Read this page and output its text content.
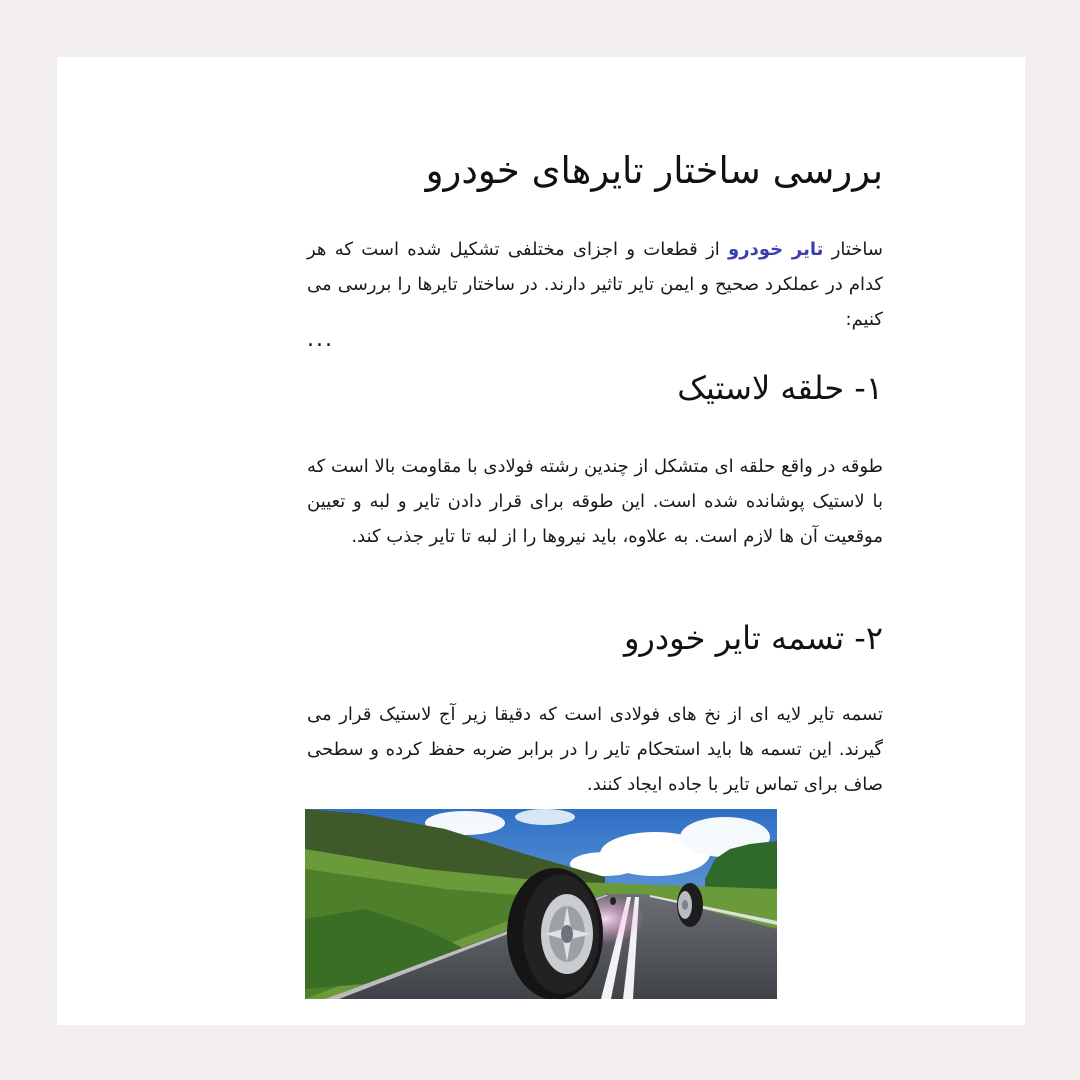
بررسی ساختار تایرهای خودرو

ساختار تایر خودرو از قطعات و اجزای مختلفی تشکیل شده است که هر کدام در عملکرد صحیح و ایمن تایر تاثیر دارند. در ساختار تایرها را بررسی می کنیم:

...
۱- حلقه لاستیک

طوقه در واقع حلقه ای متشکل از چندین رشته فولادی با مقاومت بالا است که با لاستیک پوشانده شده است. این طوقه برای قرار دادن تایر و لبه و تعیین موقعیت آن ها لازم است. به علاوه، باید نیروها را از لبه تا تایر جذب کند.

۲- تسمه تایر خودرو

تسمه تایر لایه ای از نخ های فولادی است که دقیقا زیر آج لاستیک قرار می گیرند. این تسمه ها باید استحکام تایر را در برابر ضربه حفظ کرده و سطحی صاف برای تماس تایر با جاده ایجاد کنند.
